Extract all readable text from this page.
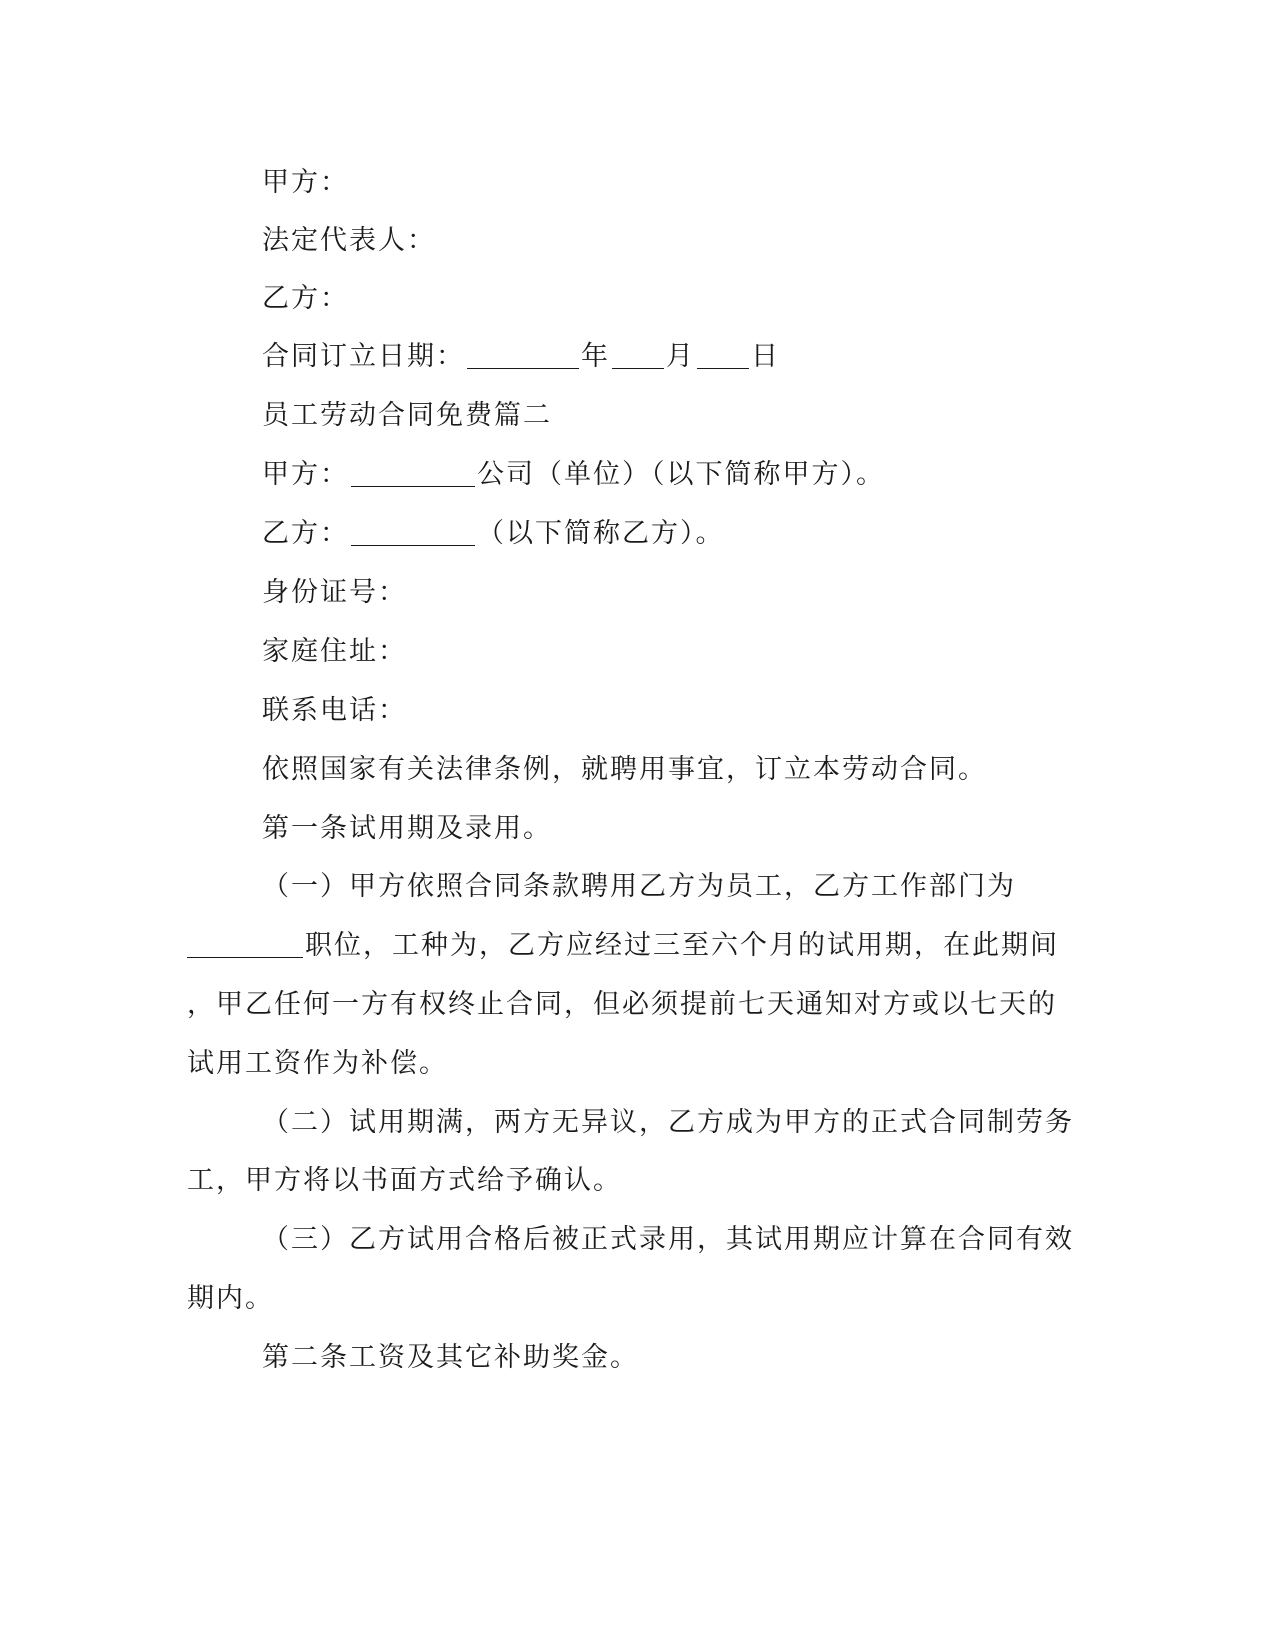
甲方：
法定代表人：
乙方：
合同订立日期：	年 月 日
员工劳动合同免费篇二
甲方：	公司（单位）（以下简称甲方）。
乙方：	（以下简称乙方）。
身份证号：
家庭住址：
联系电话：
依照国家有关法律条例，就聘用事宜，订立本劳动合同。
第一条试用期及录用。
（一）甲方依照合同条款聘用乙方为员工，乙方工作部门为
职位，工种为，乙方应经过三至六个月的试用期，在此期间
，甲乙任何一方有权终止合同，但必须提前七天通知对方或以七天的
试用工资作为补偿。
（二）试用期满，两方无异议，乙方成为甲方的正式合同制劳务
工，甲方将以书面方式给予确认。
（三）乙方试用合格后被正式录用，其试用期应计算在合同有效
期内。
第二条工资及其它补助奖金。
